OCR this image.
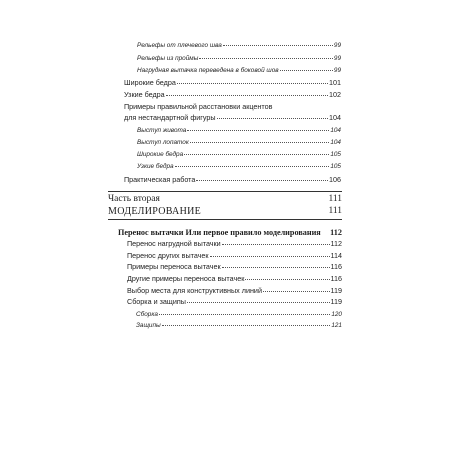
Рельефы от плечевого шва	99
Рельефы из проймы	99
Нагрудная вытачка переведена в боковой шов	99
Широкие бедра	101
Узкие бедра	102
Примеры правильной расстановки акцентов
для нестандартной фигуры	104
Выступ живота	104
Выступ лопаток	104
Широкие бедра	105
Узкие бедра	105
Практическая работа	106
Часть вторая	111
МОДЕЛИРОВАНИЕ	111
Перенос вытачки Или первое правило моделирования 112
Перенос нагрудной вытачки	112
Перенос других вытачек	114
Примеры переноса вытачек	116
Другие примеры переноса вытачек	116
Выбор места для конструктивных линий	119
Сборка и защипы	119
Сборка	120
Защипы	121
